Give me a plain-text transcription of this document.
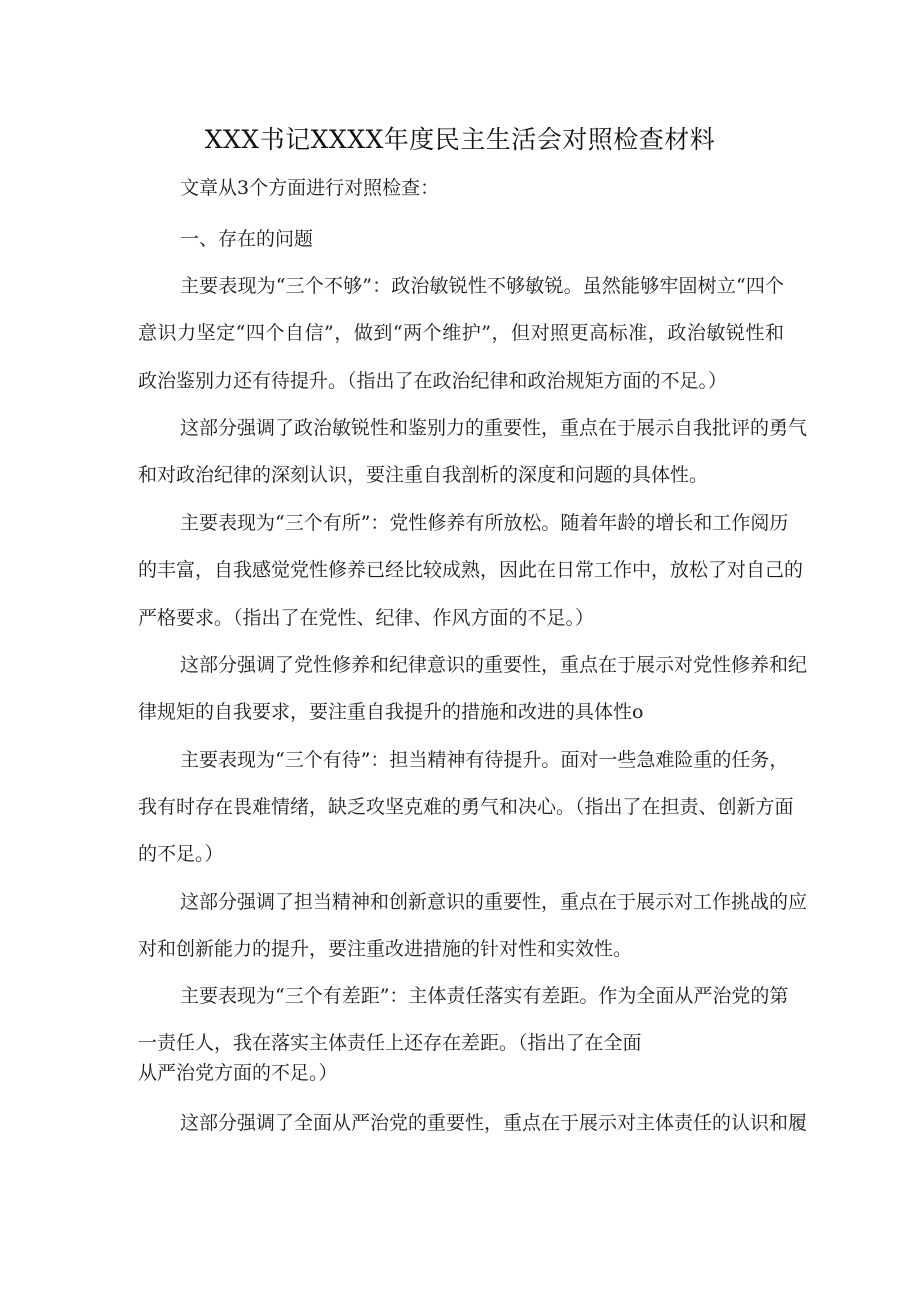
XXX书记XXXX年度民主生活会对照检查材料
文章从3个方面进行对照检查：
一、存在的问题
主要表现为“三个不够”：政治敏锐性不够敏锐。虽然能够牢固树立“四个
意识力坚定“四个自信”，做到“两个维护”，但对照更高标准，政治敏锐性和
政治鉴别力还有待提升。（指出了在政治纪律和政治规矩方面的不足。）
这部分强调了政治敏锐性和鉴别力的重要性，重点在于展示自我批评的勇气
和对政治纪律的深刻认识，要注重自我剖析的深度和问题的具体性。
主要表现为“三个有所”：党性修养有所放松。随着年龄的增长和工作阅历
的丰富，自我感觉党性修养已经比较成熟，因此在日常工作中，放松了对自己的
严格要求。（指出了在党性、纪律、作风方面的不足。）
这部分强调了党性修养和纪律意识的重要性，重点在于展示对党性修养和纪
律规矩的自我要求，要注重自我提升的措施和改进的具体性o
主要表现为“三个有待”：担当精神有待提升。面对一些急难险重的任务，
我有时存在畏难情绪，缺乏攻坚克难的勇气和决心。（指出了在担责、创新方面
的不足。）
这部分强调了担当精神和创新意识的重要性，重点在于展示对工作挑战的应
对和创新能力的提升，要注重改进措施的针对性和实效性。
主要表现为“三个有差距”：主体责任落实有差距。作为全面从严治党的第
一责任人，我在落实主体责任上还存在差距。（指出了在全面
从严治党方面的不足。）
这部分强调了全面从严治党的重要性，重点在于展示对主体责任的认识和履
